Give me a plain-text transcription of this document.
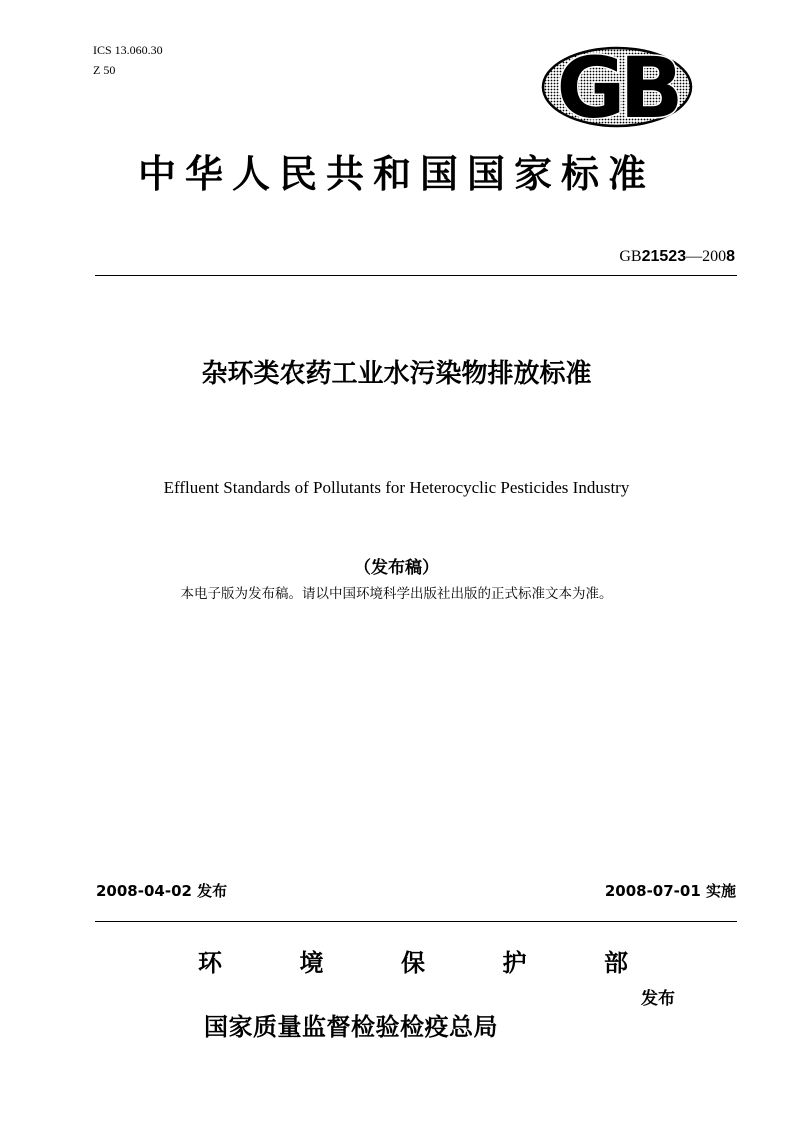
ICS 13.060.30
Z 50	GB
中华人民共和国国家标准
GB21523—2008
杂环类农药工业水污染物排放标准
Effluent Standards of Pollutants for Heterocyclic Pesticides Industry
（发布稿）
本电子版为发布稿。请以中国环境科学出版社出版的正式标准文本为准。
2008-04-02 发布	2008-07-01 实施
环	境	保	护	部
发布
国家质量监督检验检疫总局
